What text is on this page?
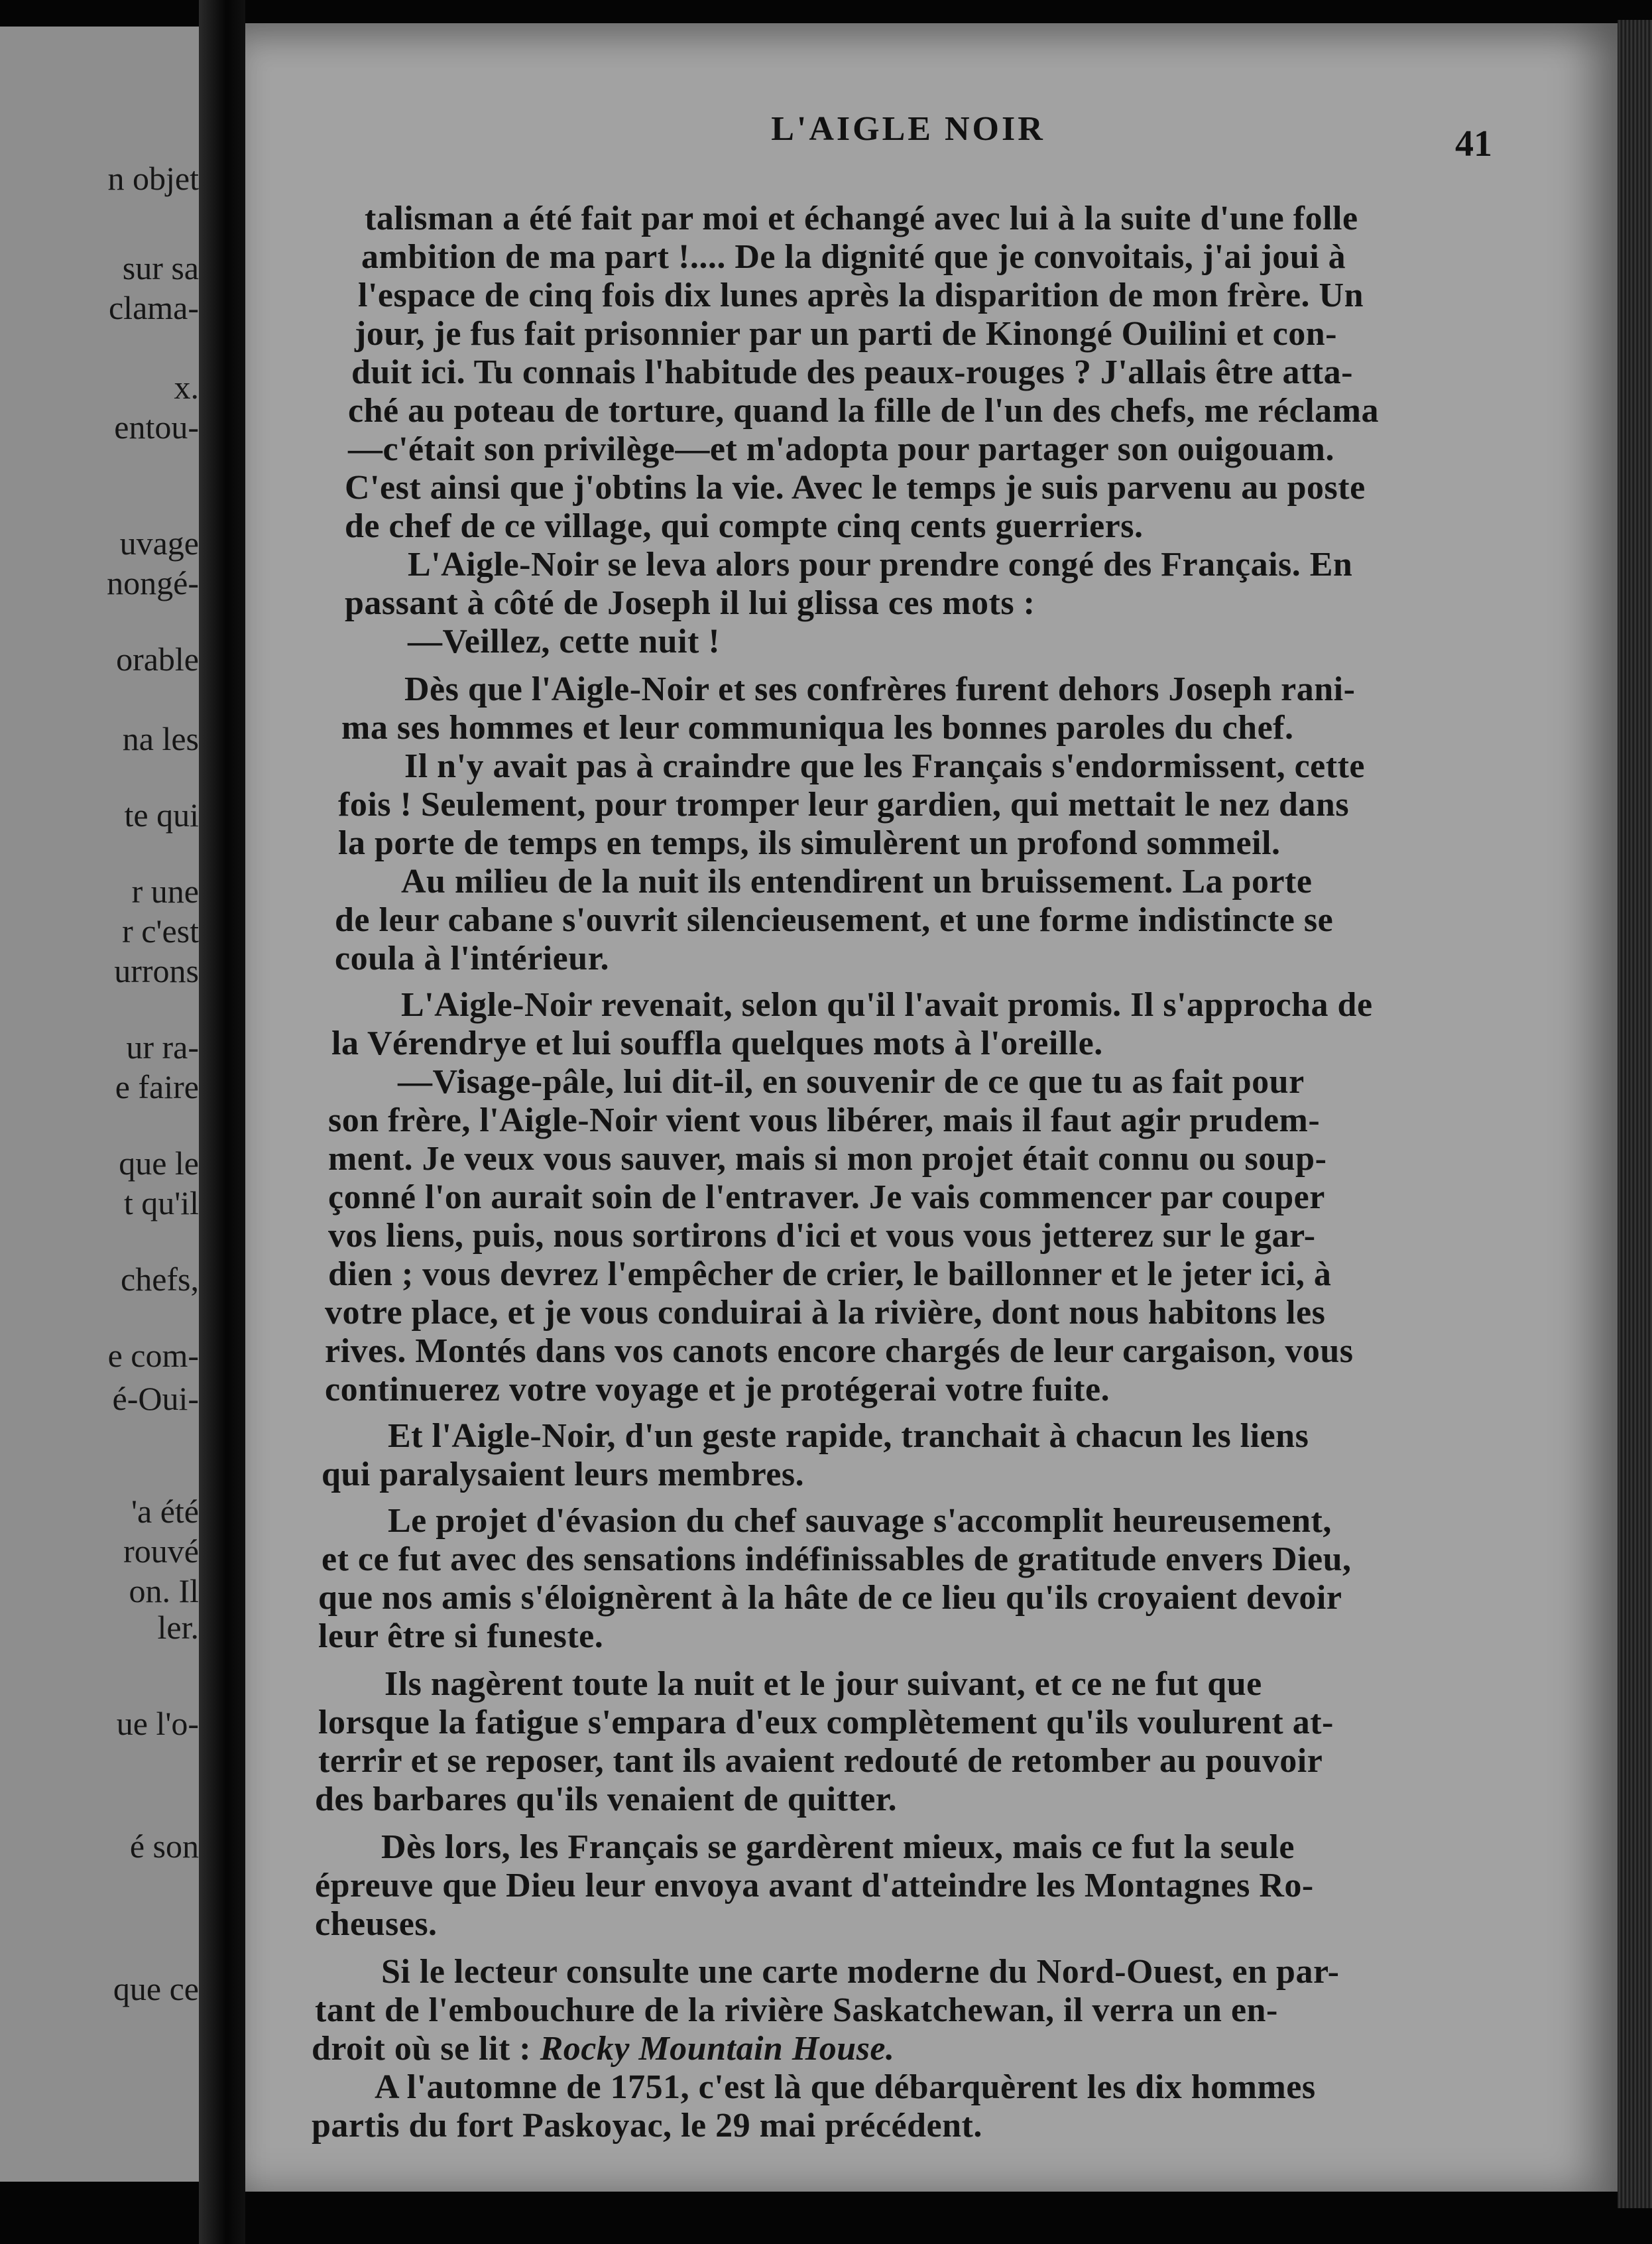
n objet
sur sa
clama-
x.
entou-
uvage
nongé-
orable
na les
te qui
r une
r c'est
urrons
ur ra-
e faire
que le
t qu'il
chefs,
e com-
é-Oui-
'a été
rouvé
on. Il
ler.
ue l'o-
é son
que ce
L'AIGLE NOIR	41
talisman a été fait par moi et échangé avec lui à la suite d'une folle
ambition de ma part !.... De la dignité que je convoitais, j'ai joui à
l'espace de cinq fois dix lunes après la disparition de mon frère. Un
jour, je fus fait prisonnier par un parti de Kinongé Ouilini et con-
duit ici. Tu connais l'habitude des peaux-rouges ? J'allais être atta-
ché au poteau de torture, quand la fille de l'un des chefs, me réclama
—c'était son privilège—et m'adopta pour partager son ouigouam.
C'est ainsi que j'obtins la vie. Avec le temps je suis parvenu au poste
de chef de ce village, qui compte cinq cents guerriers.
L'Aigle-Noir se leva alors pour prendre congé des Français. En
passant à côté de Joseph il lui glissa ces mots :
—Veillez, cette nuit !
Dès que l'Aigle-Noir et ses confrères furent dehors Joseph rani-
ma ses hommes et leur communiqua les bonnes paroles du chef.
Il n'y avait pas à craindre que les Français s'endormissent, cette
fois ! Seulement, pour tromper leur gardien, qui mettait le nez dans
la porte de temps en temps, ils simulèrent un profond sommeil.
Au milieu de la nuit ils entendirent un bruissement. La porte
de leur cabane s'ouvrit silencieusement, et une forme indistincte se
coula à l'intérieur.
L'Aigle-Noir revenait, selon qu'il l'avait promis. Il s'approcha de
la Vérendrye et lui souffla quelques mots à l'oreille.
—Visage-pâle, lui dit-il, en souvenir de ce que tu as fait pour
son frère, l'Aigle-Noir vient vous libérer, mais il faut agir prudem-
ment. Je veux vous sauver, mais si mon projet était connu ou soup-
çonné l'on aurait soin de l'entraver. Je vais commencer par couper
vos liens, puis, nous sortirons d'ici et vous vous jetterez sur le gar-
dien ; vous devrez l'empêcher de crier, le baillonner et le jeter ici, à
votre place, et je vous conduirai à la rivière, dont nous habitons les
rives. Montés dans vos canots encore chargés de leur cargaison, vous
continuerez votre voyage et je protégerai votre fuite.
Et l'Aigle-Noir, d'un geste rapide, tranchait à chacun les liens
qui paralysaient leurs membres.
Le projet d'évasion du chef sauvage s'accomplit heureusement,
et ce fut avec des sensations indéfinissables de gratitude envers Dieu,
que nos amis s'éloignèrent à la hâte de ce lieu qu'ils croyaient devoir
leur être si funeste.
Ils nagèrent toute la nuit et le jour suivant, et ce ne fut que
lorsque la fatigue s'empara d'eux complètement qu'ils voulurent at-
terrir et se reposer, tant ils avaient redouté de retomber au pouvoir
des barbares qu'ils venaient de quitter.
Dès lors, les Français se gardèrent mieux, mais ce fut la seule
épreuve que Dieu leur envoya avant d'atteindre les Montagnes Ro-
cheuses.
Si le lecteur consulte une carte moderne du Nord-Ouest, en par-
tant de l'embouchure de la rivière Saskatchewan, il verra un en-
droit où se lit : Rocky Mountain House.
A l'automne de 1751, c'est là que débarquèrent les dix hommes
partis du fort Paskoyac, le 29 mai précédent.
